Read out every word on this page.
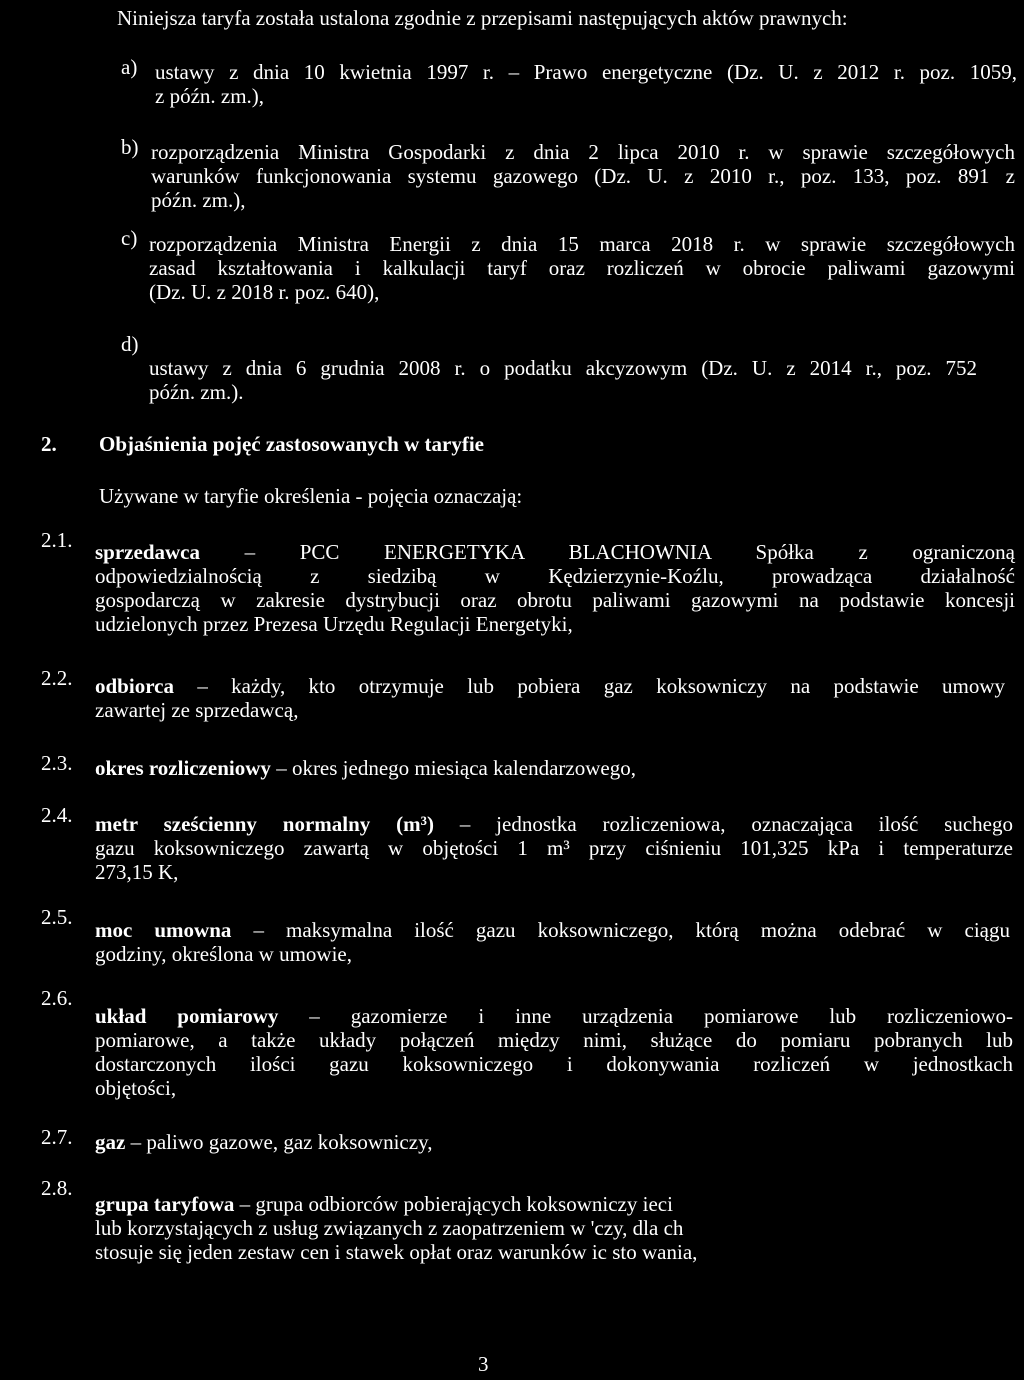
Niniejsza taryfa została ustalona zgodnie z przepisami następujących aktów prawnych:
a) ustawy z dnia 10 kwietnia 1997 r. – Prawo energetyczne (Dz. U. z 2012 r. poz. 1059,
z późn. zm.),
b) rozporządzenia Ministra Gospodarki z dnia 2 lipca 2010 r. w sprawie szczegółowych
warunków funkcjonowania systemu gazowego (Dz. U. z 2010 r., poz. 133, poz. 891 z
późn. zm.),
c) rozporządzenia Ministra Energii z dnia 15 marca 2018 r. w sprawie szczegółowych
zasad kształtowania i kalkulacji taryf oraz rozliczeń w obrocie paliwami gazowymi
(Dz. U. z 2018 r. poz. 640),
d)
ustawy z dnia 6 grudnia 2008 r. o podatku akcyzowym (Dz. U. z 2014 r., poz. 752
późn. zm.).
2. Objaśnienia pojęć zastosowanych w taryfie
Używane w taryfie określenia - pojęcia oznaczają:
2.1. sprzedawca – PCC ENERGETYKA BLACHOWNIA Spółka z ograniczoną
odpowiedzialnością z siedzibą w Kędzierzynie-Koźlu, prowadząca działalność
gospodarczą w zakresie dystrybucji oraz obrotu paliwami gazowymi na podstawie koncesji
udzielonych przez Prezesa Urzędu Regulacji Energetyki,
2.2. odbiorca – każdy, kto otrzymuje lub pobiera gaz koksowniczy na podstawie umowy
zawartej ze sprzedawcą,
2.3. okres rozliczeniowy – okres jednego miesiąca kalendarzowego,
2.4. metr sześcienny normalny (m³) – jednostka rozliczeniowa, oznaczająca ilość suchego
gazu koksowniczego zawartą w objętości 1 m³ przy ciśnieniu 101,325 kPa i temperaturze
273,15 K,
2.5.
moc umowna – maksymalna ilość gazu koksowniczego, którą można odebrać w ciągu
godziny, określona w umowie,
2.6.
układ pomiarowy – gazomierze i inne urządzenia pomiarowe lub rozliczeniowo-
pomiarowe, a także układy połączeń między nimi, służące do pomiaru pobranych lub
dostarczonych ilości gazu koksowniczego i dokonywania rozliczeń w jednostkach
objętości,
2.7. gaz – paliwo gazowe, gaz koksowniczy,
2.8.
grupa taryfowa – grupa odbiorców pobierających koksowniczy ieci
lub korzystających z usług związanych z zaopatrzeniem w 'czy, dla ch
stosuje się jeden zestaw cen i stawek opłat oraz warunków ic sto wania,
3
